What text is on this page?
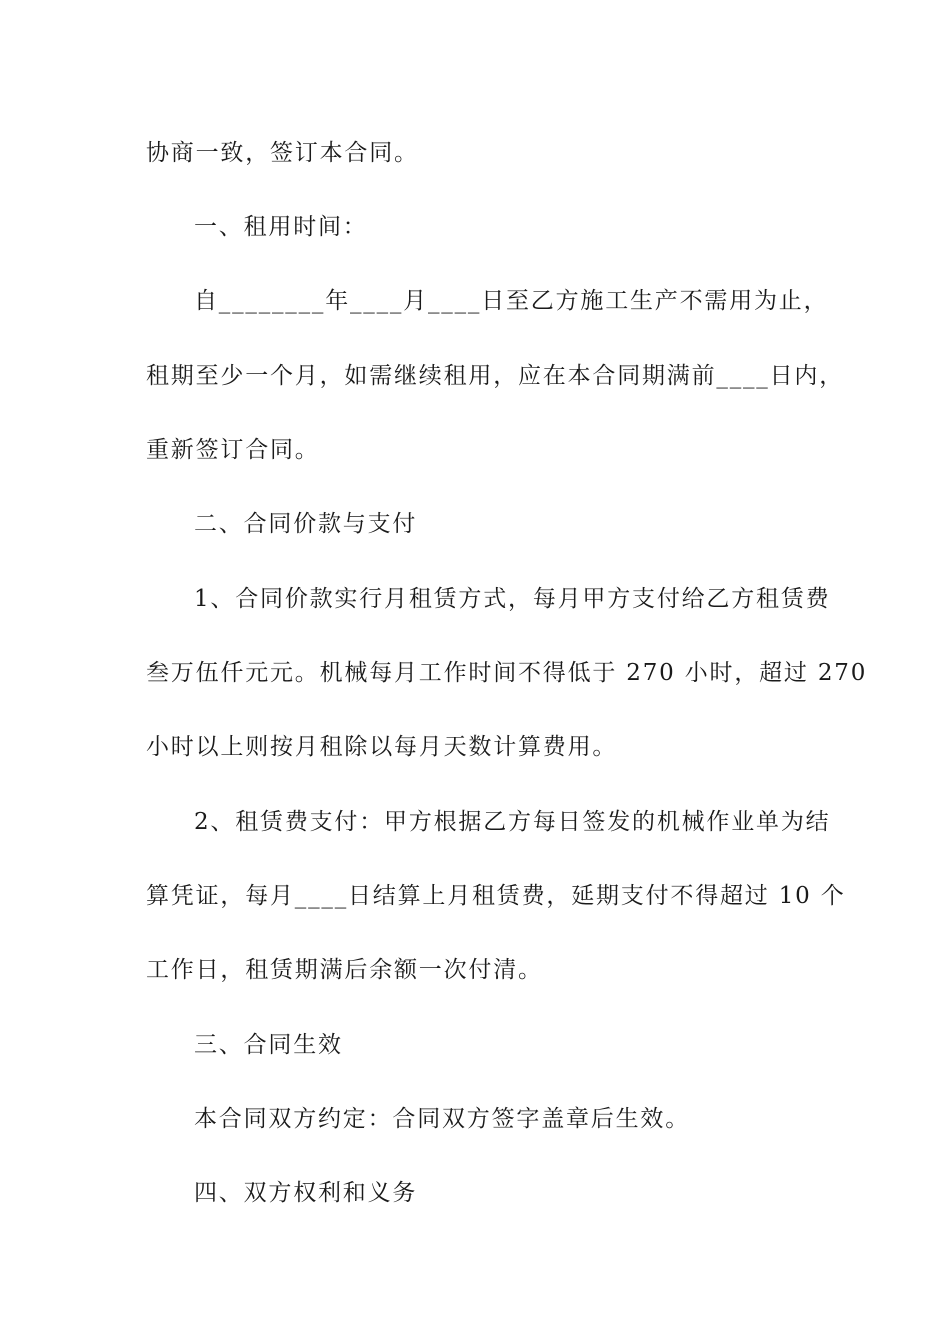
协商一致，签订本合同。
一、租用时间：
自________年____月____日至乙方施工生产不需用为止，
租期至少一个月，如需继续租用，应在本合同期满前____日内，
重新签订合同。
二、合同价款与支付
1、合同价款实行月租赁方式，每月甲方支付给乙方租赁费
叁万伍仟元元。机械每月工作时间不得低于 270 小时，超过 270
小时以上则按月租除以每月天数计算费用。
2、租赁费支付：甲方根据乙方每日签发的机械作业单为结
算凭证，每月____日结算上月租赁费，延期支付不得超过 10 个
工作日，租赁期满后余额一次付清。
三、合同生效
本合同双方约定：合同双方签字盖章后生效。
四、双方权利和义务
